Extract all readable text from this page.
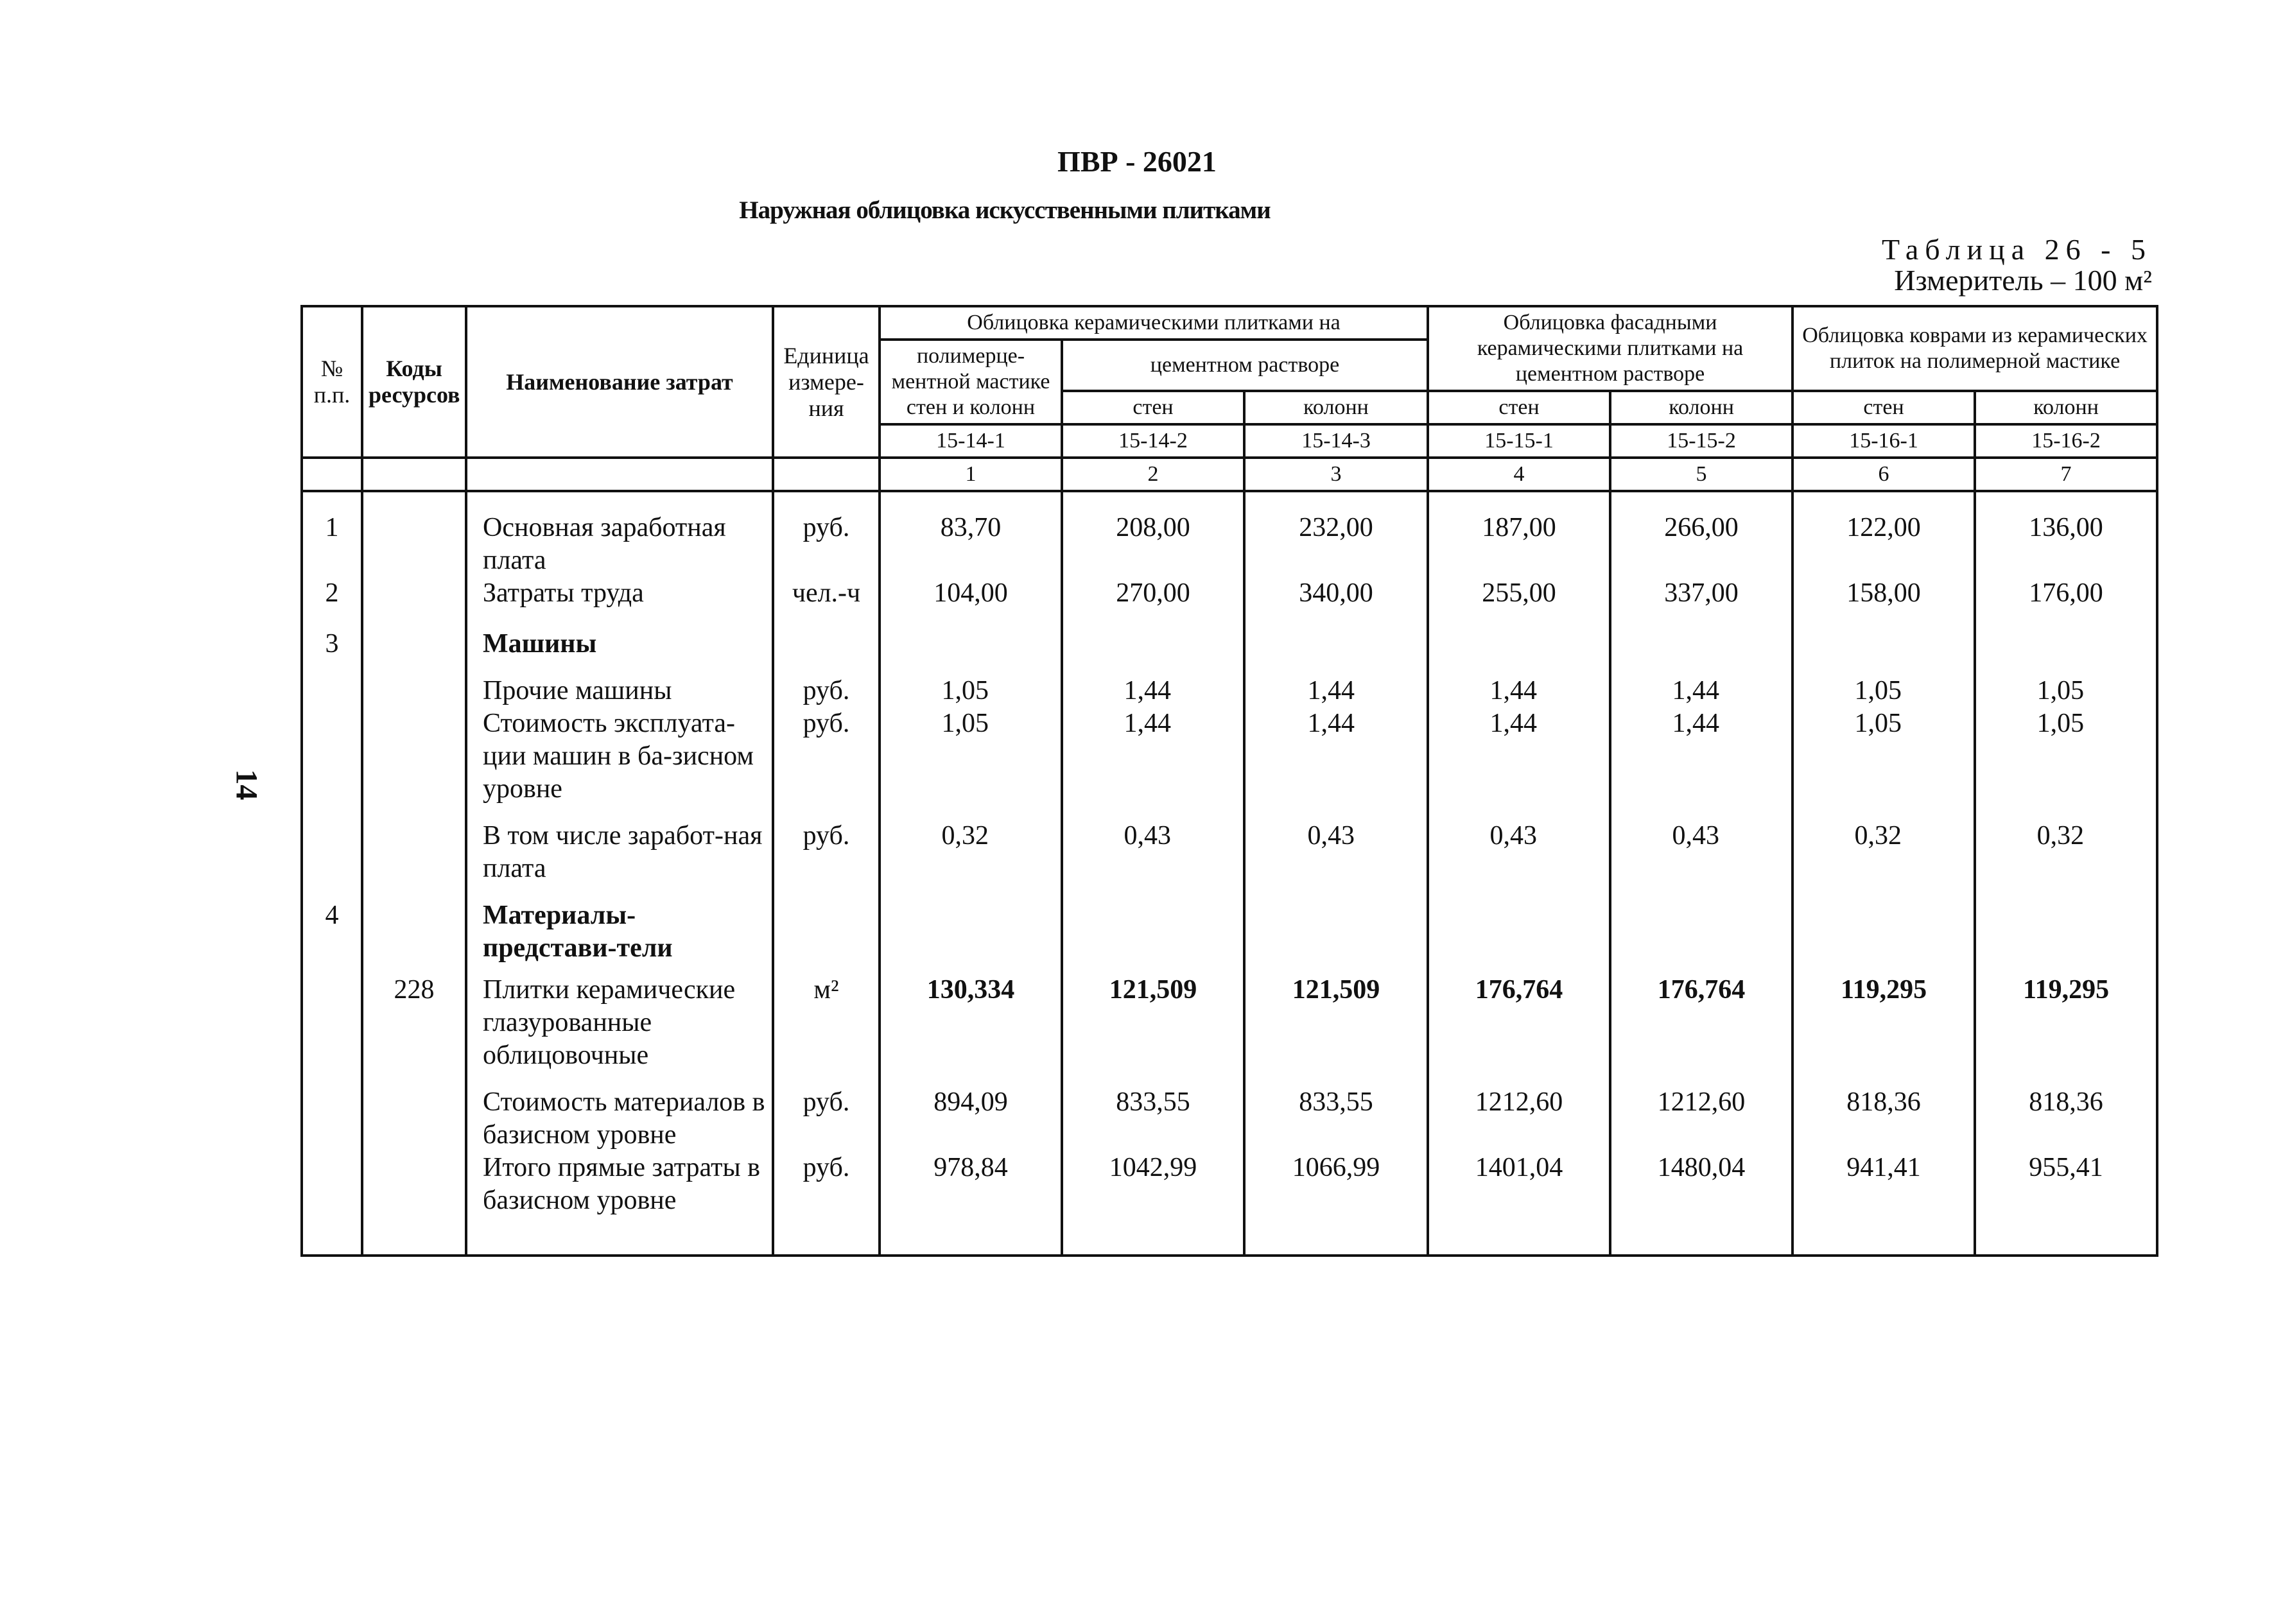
ПВР - 26021
Наружная облицовка искусственными плитками
Таблица 26 - 5
Измеритель – 100 м²
14
№ п.п.	Коды ресурсов	Наименование затрат	Единица измере-ния	Облицовка керамическими плитками на			Облицовка фасадными керамическими плитками на цементном растворе		Облицовка коврами из керамических плиток на полимерной мастике	
				полимерце-ментной мастике стен и колонн	цементном растворе					
					стен	колонн	стен	колонн	стен	колонн
				15-14-1	15-14-2	15-14-3	15-15-1	15-15-2	15-16-1	15-16-2
				1	2	3	4	5	6	7
1		Основная заработная плата	руб.	83,70	208,00	232,00	187,00	266,00	122,00	136,00
2		Затраты труда	чел.-ч	104,00	270,00	340,00	255,00	337,00	158,00	176,00
3		Машины								
		Прочие машины	руб.	1,05	1,44	1,44	1,44	1,44	1,05	1,05
		Стоимость эксплуата-ции машин в ба-зисном уровне	руб.	1,05	1,44	1,44	1,44	1,44	1,05	1,05
		В том числе заработ-ная плата	руб.	0,32	0,43	0,43	0,43	0,43	0,32	0,32
4		Материалы-представи-тели								
	228	Плитки керамические глазурованные облицовочные	м²	130,334	121,509	121,509	176,764	176,764	119,295	119,295
		Стоимость материалов в базисном уровне	руб.	894,09	833,55	833,55	1212,60	1212,60	818,36	818,36
		Итого прямые затраты в базисном уровне	руб.	978,84	1042,99	1066,99	1401,04	1480,04	941,41	955,41
